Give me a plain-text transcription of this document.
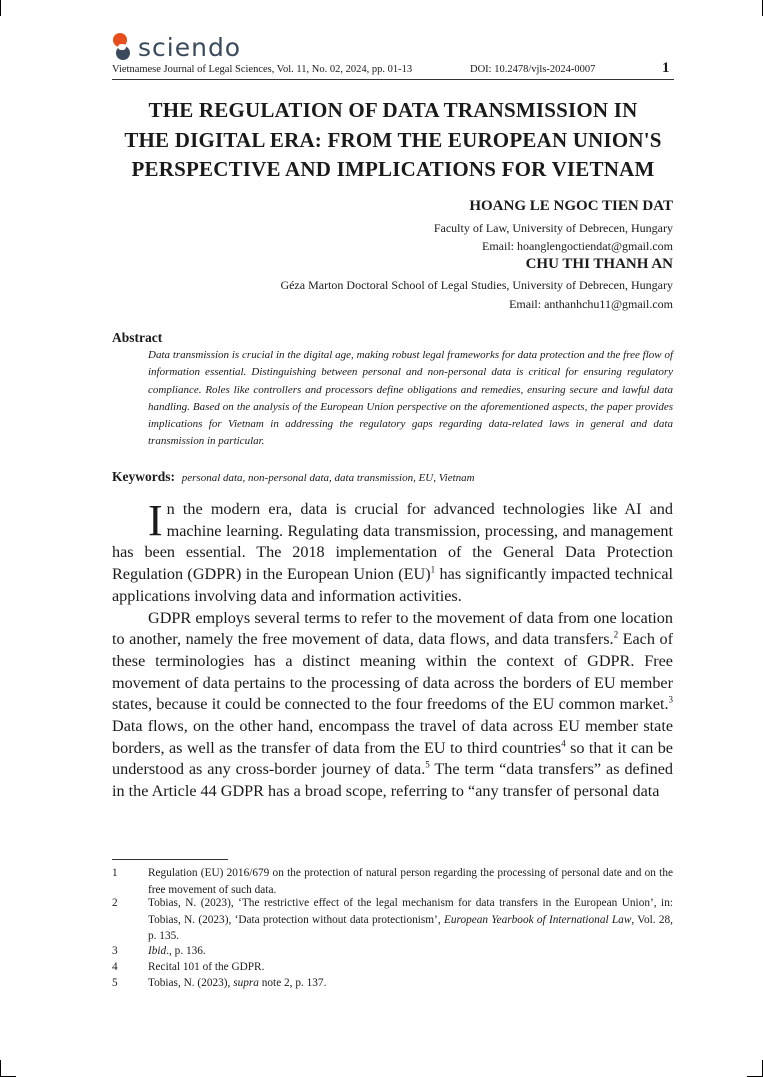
sciendo
Vietnamese Journal of Legal Sciences, Vol. 11, No. 02, 2024, pp. 01-13	DOI: 10.2478/vjls-2024-0007	1
THE REGULATION OF DATA TRANSMISSION IN
THE DIGITAL ERA: FROM THE EUROPEAN UNION'S
PERSPECTIVE AND IMPLICATIONS FOR VIETNAM
HOANG LE NGOC TIEN DAT
Faculty of Law, University of Debrecen, Hungary
Email: hoanglengoctiendat@gmail.com
CHU THI THANH AN
Géza Marton Doctoral School of Legal Studies, University of Debrecen, Hungary
Email: anthanhchu11@gmail.com
Abstract
Data transmission is crucial in the digital age, making robust legal frameworks for data protection and the free flow of information essential. Distinguishing between personal and non-personal data is critical for ensuring regulatory compliance. Roles like controllers and processors define obligations and remedies, ensuring secure and lawful data handling. Based on the analysis of the European Union perspective on the aforementioned aspects, the paper provides implications for Vietnam in addressing the regulatory gaps regarding data-related laws in general and data transmission in particular.
Keywords: personal data, non-personal data, data transmission, EU, Vietnam

In the modern era, data is crucial for advanced technologies like AI and machine learning. Regulating data transmission, processing, and management has been essential. The 2018 implementation of the General Data Protection Regulation (GDPR) in the European Union (EU)$^1$ has significantly impacted technical applications involving data and information activities.

GDPR employs several terms to refer to the movement of data from one location to another, namely the free movement of data, data flows, and data transfers.$^2$ Each of these terminologies has a distinct meaning within the context of GDPR. Free movement of data pertains to the processing of data across the borders of EU member states, because it could be connected to the four freedoms of the EU common market.$^3$ Data flows, on the other hand, encompass the travel of data across EU member state borders, as well as the transfer of data from the EU to third countries$^4$ so that it can be understood as any cross-border journey of data.$^5$ The term “data transfers” as defined in the Article 44 GDPR has a broad scope, referring to “any transfer of personal data

1	Regulation (EU) 2016/679 on the protection of natural person regarding the processing of personal date and on the free movement of such data.
2	Tobias, N. (2023), ‘The restrictive effect of the legal mechanism for data transfers in the European Union’, in: Tobias, N. (2023), ‘Data protection without data protectionism’, European Yearbook of International Law, Vol. 28, p. 135.
3	Ibid., p. 136.
4	Recital 101 of the GDPR.
5	Tobias, N. (2023), supra note 2, p. 137.
